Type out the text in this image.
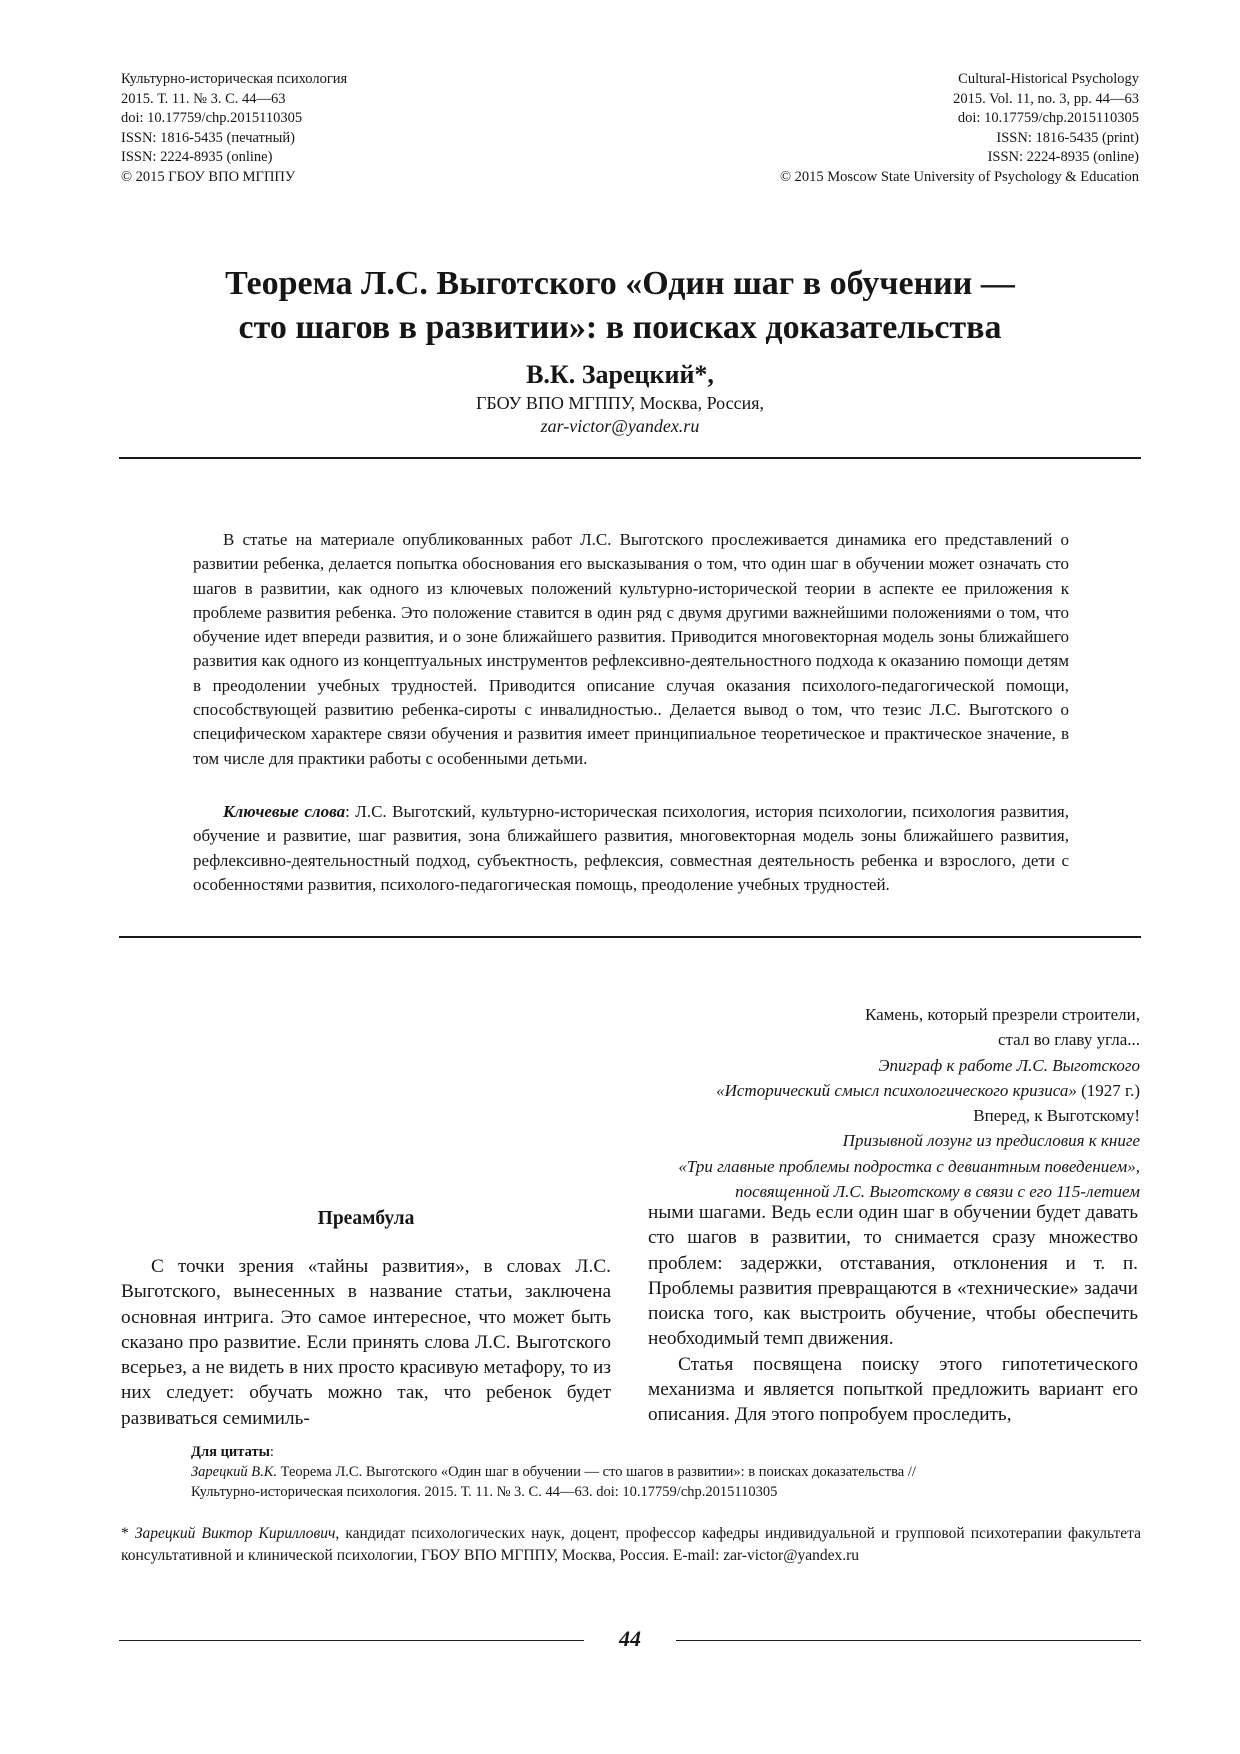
Культурно-историческая психология
2015. Т. 11. № 3. С. 44—63
doi: 10.17759/chp.2015110305
ISSN: 1816-5435 (печатный)
ISSN: 2224-8935 (online)
© 2015 ГБОУ ВПО МГППУ
Cultural-Historical Psychology
2015. Vol. 11, no. 3, pp. 44—63
doi: 10.17759/chp.2015110305
ISSN: 1816-5435 (print)
ISSN: 2224-8935 (online)
© 2015 Moscow State University of Psychology & Education
Теорема Л.С. Выготского «Один шаг в обучении —
сто шагов в развитии»: в поисках доказательства
В.К. Зарецкий*,
ГБОУ ВПО МГППУ, Москва, Россия,
zar-victor@yandex.ru

В статье на материале опубликованных работ Л.С. Выготского прослеживается динамика его представлений о развитии ребенка, делается попытка обоснования его высказывания о том, что один шаг в обучении может означать сто шагов в развитии, как одного из ключевых положений культурно-исторической теории в аспекте ее приложения к проблеме развития ребенка. Это положение ставится в один ряд с двумя другими важнейшими положениями о том, что обучение идет впереди развития, и о зоне ближайшего развития. Приводится многовекторная модель зоны ближайшего развития как одного из концептуальных инструментов рефлексивно-деятельностного подхода к оказанию помощи детям в преодолении учебных трудностей. Приводится описание случая оказания психолого-педагогической помощи, способствующей развитию ребенка-сироты с инвалидностью.. Делается вывод о том, что тезис Л.С. Выготского о специфическом характере связи обучения и развития имеет принципиальное теоретическое и практическое значение, в том числе для практики работы с особенными детьми.

Ключевые слова: Л.С. Выготский, культурно-историческая психология, история психологии, психология развития, обучение и развитие, шаг развития, зона ближайшего развития, многовекторная модель зоны ближайшего развития, рефлексивно-деятельностный подход, субъектность, рефлексия, совместная деятельность ребенка и взрослого, дети с особенностями развития, психолого-педагогическая помощь, преодоление учебных трудностей.

Камень, который презрели строители,
стал во главу угла...
Эпиграф к работе Л.С. Выготского
«Исторический смысл психологического кризиса» (1927 г.)
Вперед, к Выготскому!
Призывной лозунг из предисловия к книге
«Три главные проблемы подростка с девиантным поведением»,
посвященной Л.С. Выготскому в связи с его 115-летием
Преамбула

С точки зрения «тайны развития», в словах Л.С. Выготского, вынесенных в название статьи, заключена основная интрига. Это самое интересное, что может быть сказано про развитие. Если принять слова Л.С. Выготского всерьез, а не видеть в них просто красивую метафору, то из них следует: обучать можно так, что ребенок будет развиваться семимиль-

ными шагами. Ведь если один шаг в обучении будет давать сто шагов в развитии, то снимается сразу множество проблем: задержки, отставания, отклонения и т. п. Проблемы развития превращаются в «технические» задачи поиска того, как выстроить обучение, чтобы обеспечить необходимый темп движения.

Статья посвящена поиску этого гипотетического механизма и является попыткой предложить вариант его описания. Для этого попробуем проследить,

Для цитаты:
Зарецкий В.К. Теорема Л.С. Выготского «Один шаг в обучении — сто шагов в развитии»: в поисках доказательства //
Культурно-историческая психология. 2015. Т. 11. № 3. С. 44—63. doi: 10.17759/chp.2015110305

* Зарецкий Виктор Кириллович, кандидат психологических наук, доцент, профессор кафедры индивидуальной и групповой психотерапии факультета консультативной и клинической психологии, ГБОУ ВПО МГППУ, Москва, Россия. E-mail: zar-victor@yandex.ru

44
